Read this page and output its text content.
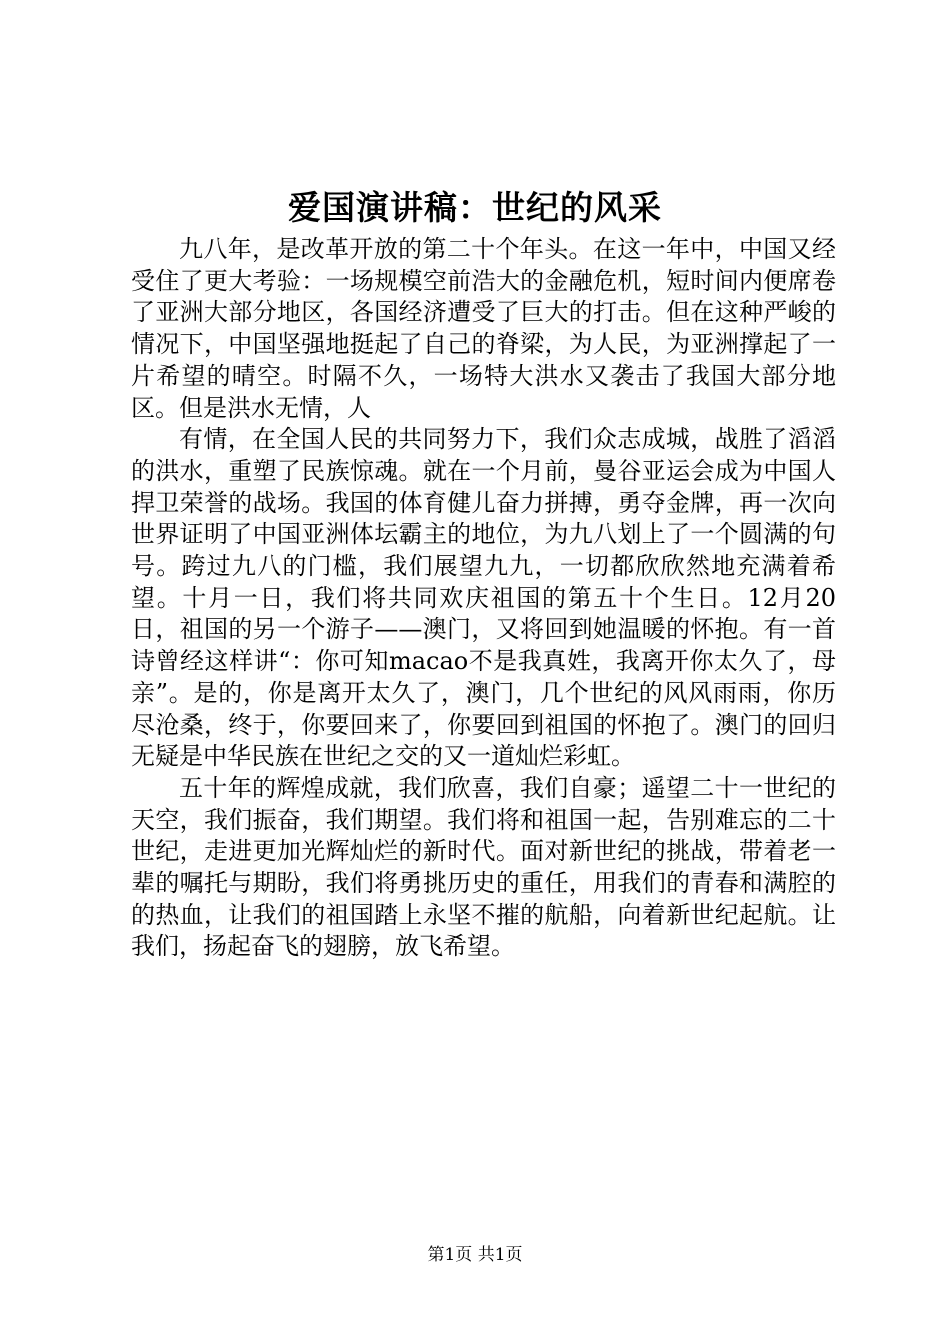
爱国演讲稿：世纪的风采

九八年，是改革开放的第二十个年头。在这一年中，中国又经受住了更大考验：一场规模空前浩大的金融危机，短时间内便席卷了亚洲大部分地区，各国经济遭受了巨大的打击。但在这种严峻的情况下，中国坚强地挺起了自己的脊梁，为人民，为亚洲撑起了一片希望的晴空。时隔不久，一场特大洪水又袭击了我国大部分地区。但是洪水无情，人

有情，在全国人民的共同努力下，我们众志成城，战胜了滔滔的洪水，重塑了民族惊魂。就在一个月前，曼谷亚运会成为中国人捍卫荣誉的战场。我国的体育健儿奋力拼搏，勇夺金牌，再一次向世界证明了中国亚洲体坛霸主的地位，为九八划上了一个圆满的句号。跨过九八的门槛，我们展望九九，一切都欣欣然地充满着希望。十月一日，我们将共同欢庆祖国的第五十个生日。12月20日，祖国的另一个游子——澳门，又将回到她温暖的怀抱。有一首诗曾经这样讲“：你可知macao不是我真姓，我离开你太久了，母亲”。是的，你是离开太久了，澳门，几个世纪的风风雨雨，你历尽沧桑，终于，你要回来了，你要回到祖国的怀抱了。澳门的回归无疑是中华民族在世纪之交的又一道灿烂彩虹。

五十年的辉煌成就，我们欣喜，我们自豪；遥望二十一世纪的天空，我们振奋，我们期望。我们将和祖国一起，告别难忘的二十世纪，走进更加光辉灿烂的新时代。面对新世纪的挑战，带着老一辈的嘱托与期盼，我们将勇挑历史的重任，用我们的青春和满腔的的热血，让我们的祖国踏上永坚不摧的航船，向着新世纪起航。让我们，扬起奋飞的翅膀，放飞希望。

第1页 共1页
